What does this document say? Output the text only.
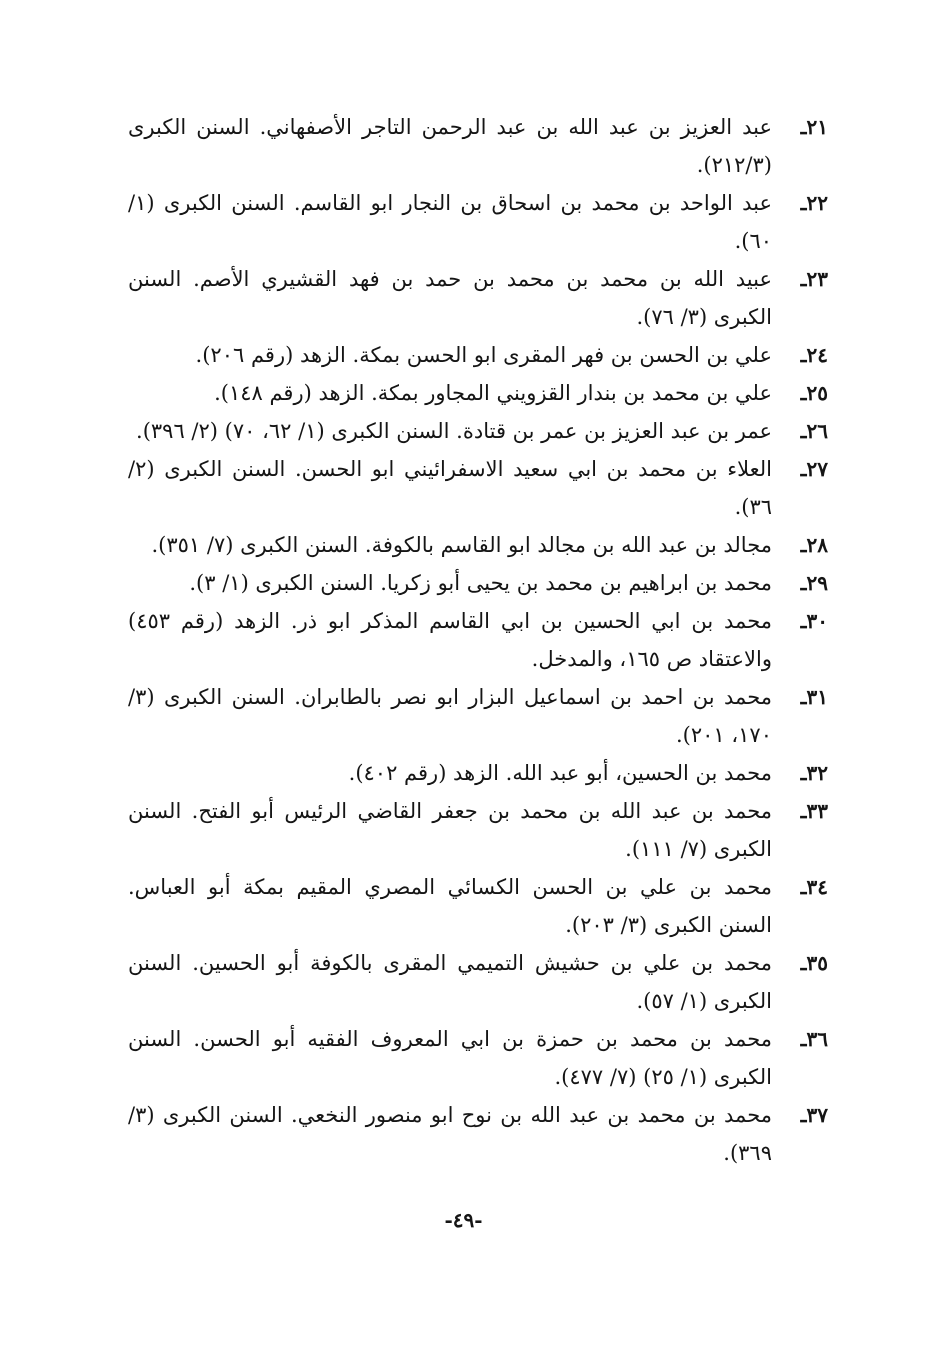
٢١ـ
عبد العزيز بن عبد الله بن عبد الرحمن التاجر الأصفهاني. السنن الكبرى (٢١٢/٣).
٢٢ـ
عبد الواحد بن محمد بن اسحاق بن النجار ابو القاسم. السنن الكبرى (١/ ٦٠).
٢٣ـ
عبيد الله بن محمد بن محمد بن حمد بن فهد القشيري الأصم. السنن الكبرى (٣/ ٧٦).
٢٤ـ
علي بن الحسن بن فهر المقرى ابو الحسن بمكة. الزهد (رقم ٢٠٦).
٢٥ـ
علي بن محمد بن بندار القزويني المجاور بمكة. الزهد (رقم ١٤٨).
٢٦ـ
عمر بن عبد العزيز بن عمر بن قتادة. السنن الكبرى (١/ ٦٢، ٧٠) (٢/ ٣٩٦).
٢٧ـ
العلاء بن محمد بن ابي سعيد الاسفرائيني ابو الحسن. السنن الكبرى (٢/ ٣٦).
٢٨ـ
مجالد بن عبد الله بن مجالد ابو القاسم بالكوفة. السنن الكبرى (٧/ ٣٥١).
٢٩ـ
محمد بن ابراهيم بن محمد بن يحيى أبو زكريا. السنن الكبرى (١/ ٣).
٣٠ـ
محمد بن ابي الحسين بن ابي القاسم المذكر ابو ذر. الزهد (رقم ٤٥٣) والاعتقاد ص ١٦٥، والمدخل.
٣١ـ
محمد بن احمد بن اسماعيل البزار ابو نصر بالطابران. السنن الكبرى (٣/ ١٧٠، ٢٠١).
٣٢ـ
محمد بن الحسين، أبو عبد الله. الزهد (رقم ٤٠٢).
٣٣ـ
محمد بن عبد الله بن محمد بن جعفر القاضي الرئيس أبو الفتح. السنن الكبرى (٧/ ١١١).
٣٤ـ
محمد بن علي بن الحسن الكسائي المصري المقيم بمكة أبو العباس. السنن الكبرى (٣/ ٢٠٣).
٣٥ـ
محمد بن علي بن حشيش التميمي المقرى بالكوفة أبو الحسين. السنن الكبرى (١/ ٥٧).
٣٦ـ
محمد بن محمد بن حمزة بن ابي المعروف الفقيه أبو الحسن. السنن الكبرى (١/ ٢٥) (٧/ ٤٧٧).
٣٧ـ
محمد بن محمد بن عبد الله بن نوح ابو منصور النخعي. السنن الكبرى (٣/ ٣٦٩).
-٤٩-
